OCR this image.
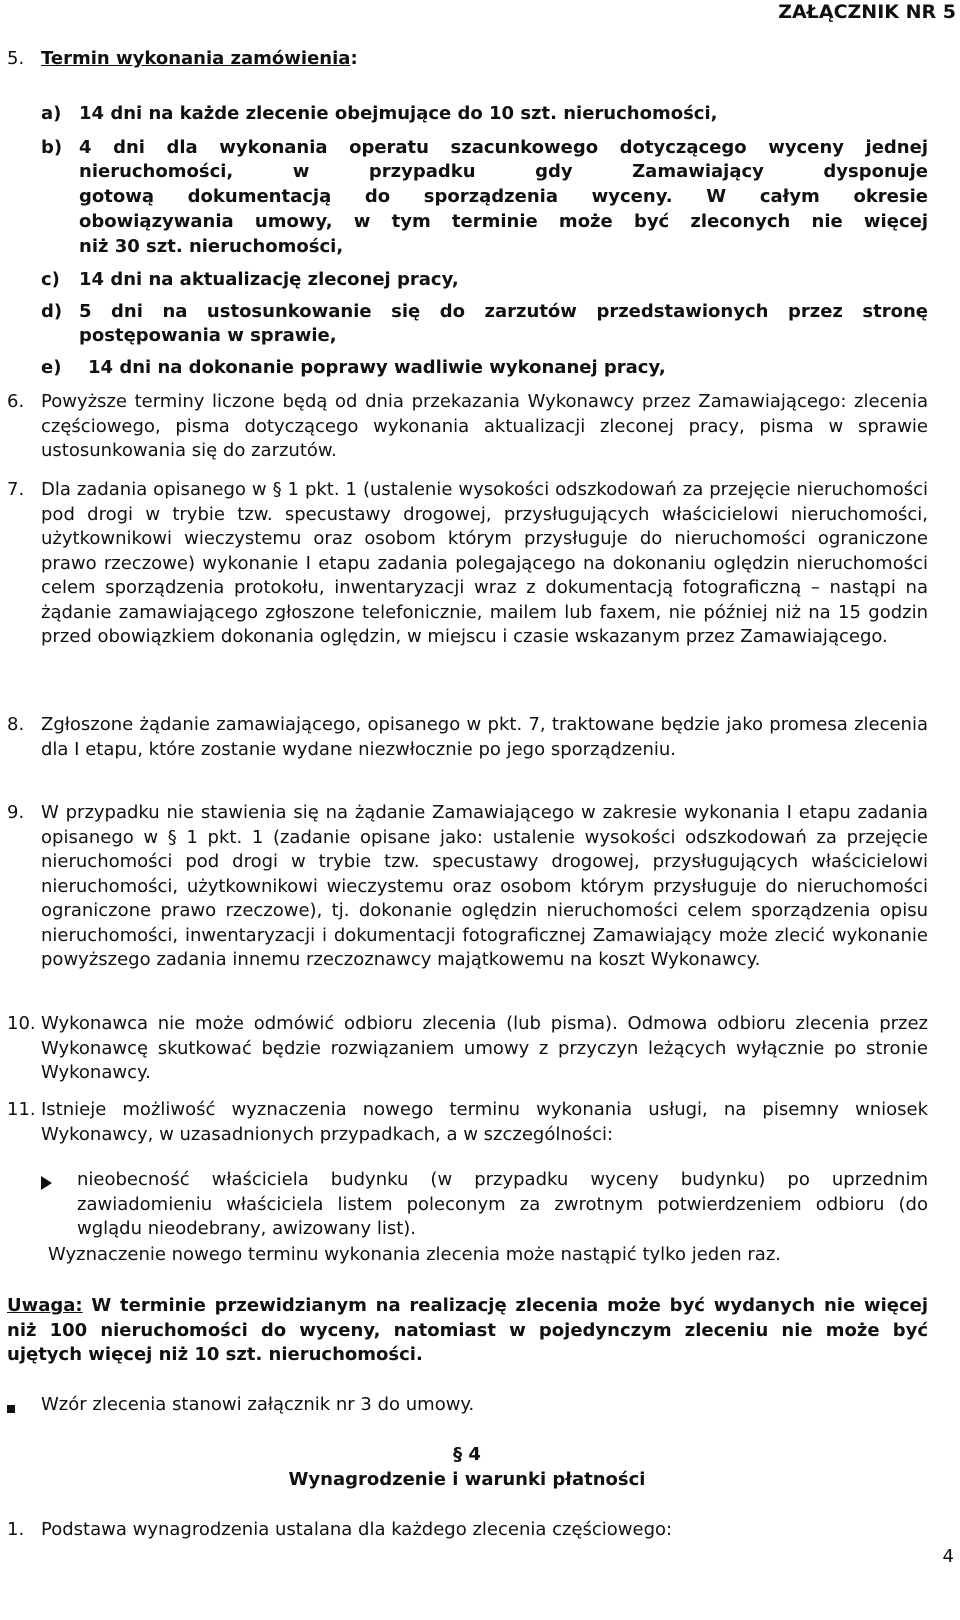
ZAŁĄCZNIK NR 5
5. Termin wykonania zamówienia:
a) 14 dni na każde zlecenie obejmujące do 10 szt. nieruchomości,
b) 4 dni dla wykonania operatu szacunkowego dotyczącego wyceny jednej
nieruchomości, w przypadku gdy Zamawiający dysponuje
gotową dokumentacją do sporządzenia wyceny. W całym okresie
obowiązywania umowy, w tym terminie może być zleconych nie więcej
niż 30 szt. nieruchomości,
c) 14 dni na aktualizację zleconej pracy,
d) 5 dni na ustosunkowanie się do zarzutów przedstawionych przez stronę
postępowania w sprawie,
e) 14 dni na dokonanie poprawy wadliwie wykonanej pracy,
6. Powyższe terminy liczone będą od dnia przekazania Wykonawcy przez Zamawiającego: zlecenia częściowego, pisma dotyczącego wykonania aktualizacji zleconej pracy, pisma w sprawie ustosunkowania się do zarzutów.
7. Dla zadania opisanego w § 1 pkt. 1 (ustalenie wysokości odszkodowań za przejęcie nieruchomości pod drogi w trybie tzw. specustawy drogowej, przysługujących właścicielowi nieruchomości, użytkownikowi wieczystemu oraz osobom którym przysługuje do nieruchomości ograniczone prawo rzeczowe) wykonanie I etapu zadania polegającego na dokonaniu oględzin nieruchomości celem sporządzenia protokołu, inwentaryzacji wraz z dokumentacją fotograficzną – nastąpi na żądanie zamawiającego zgłoszone telefonicznie, mailem lub faxem, nie później niż na 15 godzin przed obowiązkiem dokonania oględzin, w miejscu i czasie wskazanym przez Zamawiającego.
8. Zgłoszone żądanie zamawiającego, opisanego w pkt. 7, traktowane będzie jako promesa zlecenia dla I etapu, które zostanie wydane niezwłocznie po jego sporządzeniu.
9. W przypadku nie stawienia się na żądanie Zamawiającego w zakresie wykonania I etapu zadania opisanego w § 1 pkt. 1 (zadanie opisane jako: ustalenie wysokości odszkodowań za przejęcie nieruchomości pod drogi w trybie tzw. specustawy drogowej, przysługujących właścicielowi nieruchomości, użytkownikowi wieczystemu oraz osobom którym przysługuje do nieruchomości ograniczone prawo rzeczowe), tj. dokonanie oględzin nieruchomości celem sporządzenia opisu nieruchomości, inwentaryzacji i dokumentacji fotograficznej Zamawiający może zlecić wykonanie powyższego zadania innemu rzeczoznawcy majątkowemu na koszt Wykonawcy.
10. Wykonawca nie może odmówić odbioru zlecenia (lub pisma). Odmowa odbioru zlecenia przez Wykonawcę skutkować będzie rozwiązaniem umowy z przyczyn leżących wyłącznie po stronie Wykonawcy.
11. Istnieje możliwość wyznaczenia nowego terminu wykonania usługi, na pisemny wniosek Wykonawcy, w uzasadnionych przypadkach, a w szczególności:
nieobecność właściciela budynku (w przypadku wyceny budynku) po uprzednim zawiadomieniu właściciela listem poleconym za zwrotnym potwierdzeniem odbioru (do wglądu nieodebrany, awizowany list).
Wyznaczenie nowego terminu wykonania zlecenia może nastąpić tylko jeden raz.
Uwaga: W terminie przewidzianym na realizację zlecenia może być wydanych nie więcej niż 100 nieruchomości do wyceny, natomiast w pojedynczym zleceniu nie może być ujętych więcej niż 10 szt. nieruchomości.
Wzór zlecenia stanowi załącznik nr 3 do umowy.
§ 4
Wynagrodzenie i warunki płatności
1. Podstawa wynagrodzenia ustalana dla każdego zlecenia częściowego:
4
